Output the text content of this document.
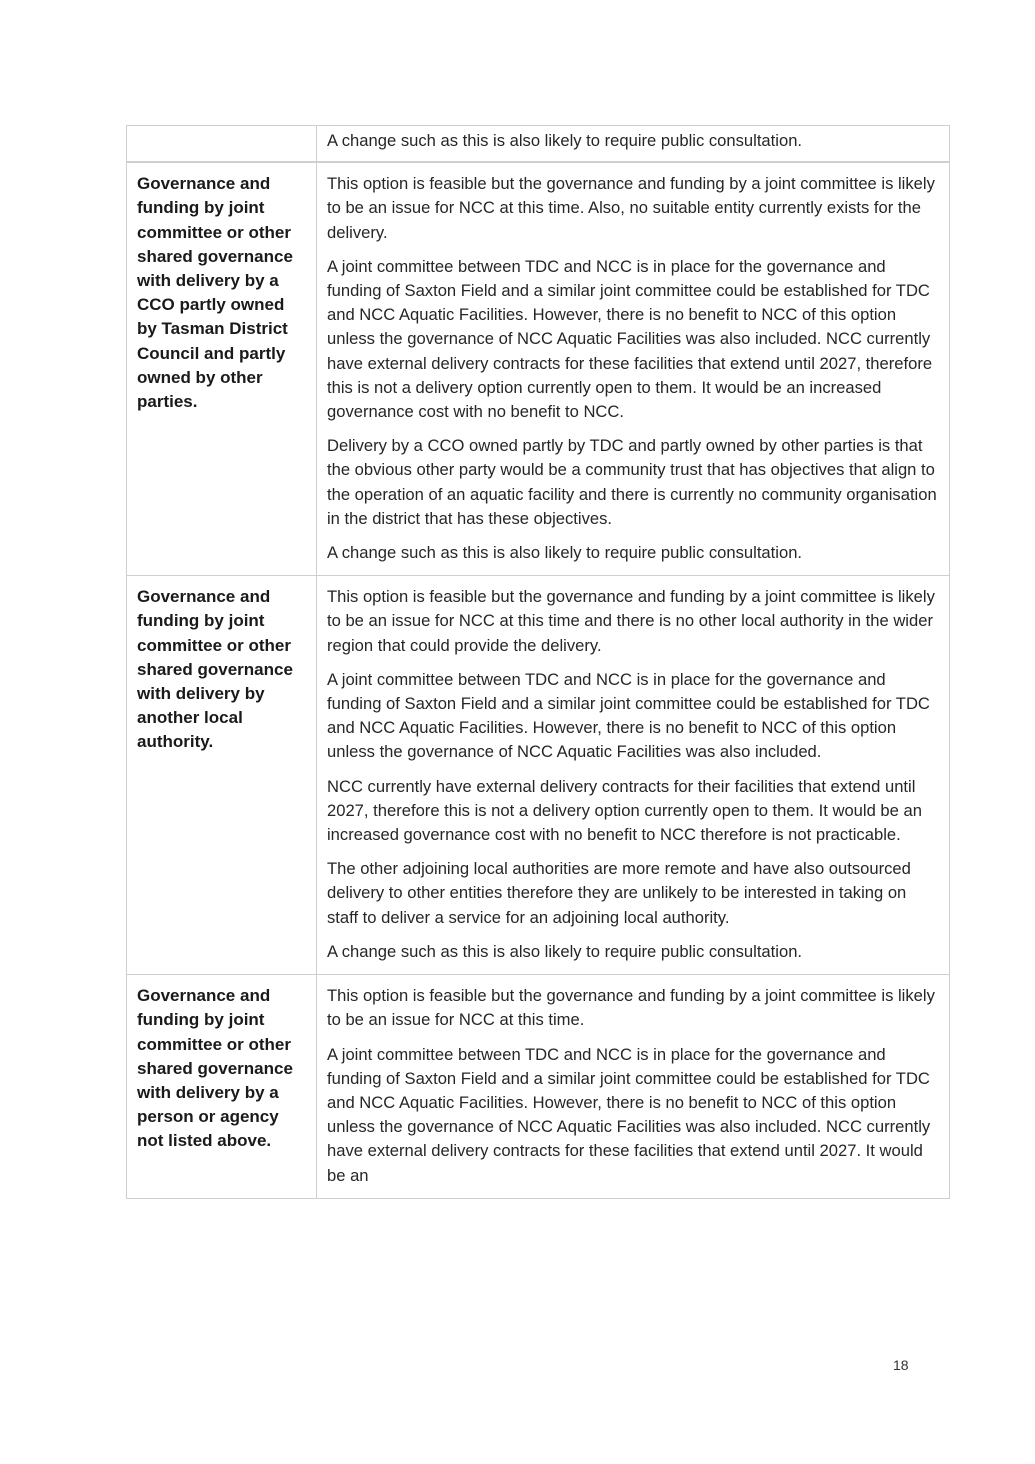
	A change such as this is also likely to require public consultation.

Governance and funding by joint committee or other shared governance with delivery by a CCO partly owned by Tasman District Council and partly owned by other parties.	This option is feasible but the governance and funding by a joint committee is likely to be an issue for NCC at this time. Also, no suitable entity currently exists for the delivery.

A joint committee between TDC and NCC is in place for the governance and funding of Saxton Field and a similar joint committee could be established for TDC and NCC Aquatic Facilities. However, there is no benefit to NCC of this option unless the governance of NCC Aquatic Facilities was also included. NCC currently have external delivery contracts for these facilities that extend until 2027, therefore this is not a delivery option currently open to them. It would be an increased governance cost with no benefit to NCC.

Delivery by a CCO owned partly by TDC and partly owned by other parties is that the obvious other party would be a community trust that has objectives that align to the operation of an aquatic facility and there is currently no community organisation in the district that has these objectives.

A change such as this is also likely to require public consultation.

Governance and funding by joint committee or other shared governance with delivery by another local authority.	This option is feasible but the governance and funding by a joint committee is likely to be an issue for NCC at this time and there is no other local authority in the wider region that could provide the delivery.

A joint committee between TDC and NCC is in place for the governance and funding of Saxton Field and a similar joint committee could be established for TDC and NCC Aquatic Facilities. However, there is no benefit to NCC of this option unless the governance of NCC Aquatic Facilities was also included.

NCC currently have external delivery contracts for their facilities that extend until 2027, therefore this is not a delivery option currently open to them. It would be an increased governance cost with no benefit to NCC therefore is not practicable.

The other adjoining local authorities are more remote and have also outsourced delivery to other entities therefore they are unlikely to be interested in taking on staff to deliver a service for an adjoining local authority.

A change such as this is also likely to require public consultation.

Governance and funding by joint committee or other shared governance with delivery by a person or agency not listed above.	This option is feasible but the governance and funding by a joint committee is likely to be an issue for NCC at this time.

A joint committee between TDC and NCC is in place for the governance and funding of Saxton Field and a similar joint committee could be established for TDC and NCC Aquatic Facilities. However, there is no benefit to NCC of this option unless the governance of NCC Aquatic Facilities was also included. NCC currently have external delivery contracts for these facilities that extend until 2027. It would be an

18
